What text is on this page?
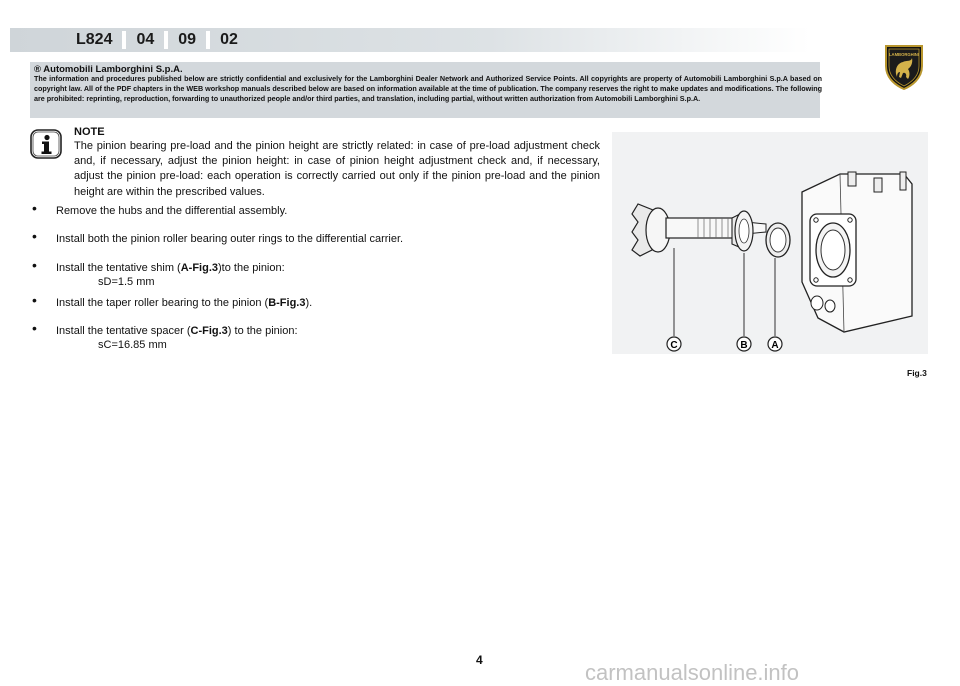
L824	04	09	02
LAMBORGHINI
® Automobili Lamborghini S.p.A.
The information and procedures published below are strictly confidential and exclusively for the Lamborghini Dealer Network and Authorized Service Points. All copyrights are property of Automobili Lamborghini S.p.A based on copyright law. All of the PDF chapters in the WEB workshop manuals described below are based on information available at the time of publication. The company reserves the right to make updates and modifications. The following are prohibited: reprinting, reproduction, forwarding to unauthorized people and/or third parties, and translation, including partial, without written authorization from Automobili Lamborghini S.p.A.
NOTE
The pinion bearing pre-load and the pinion height are strictly related: in case of pre-load adjustment check and, if necessary, adjust the pinion height: in case of pinion height adjustment check and, if necessary, adjust the pinion pre-load: each operation is correctly carried out only if the pinion pre-load and the pinion height are within the prescribed values.
• Remove the hubs and the differential assembly.
• Install both the pinion roller bearing outer rings to the differential carrier.
• Install the tentative shim (A-Fig.3)to the pinion:
sD=1.5 mm
• Install the taper roller bearing to the pinion (B-Fig.3).
• Install the tentative spacer (C-Fig.3) to the pinion:
sC=16.85 mm	C	B A
Fig.3
4	carmanualsonline.info
